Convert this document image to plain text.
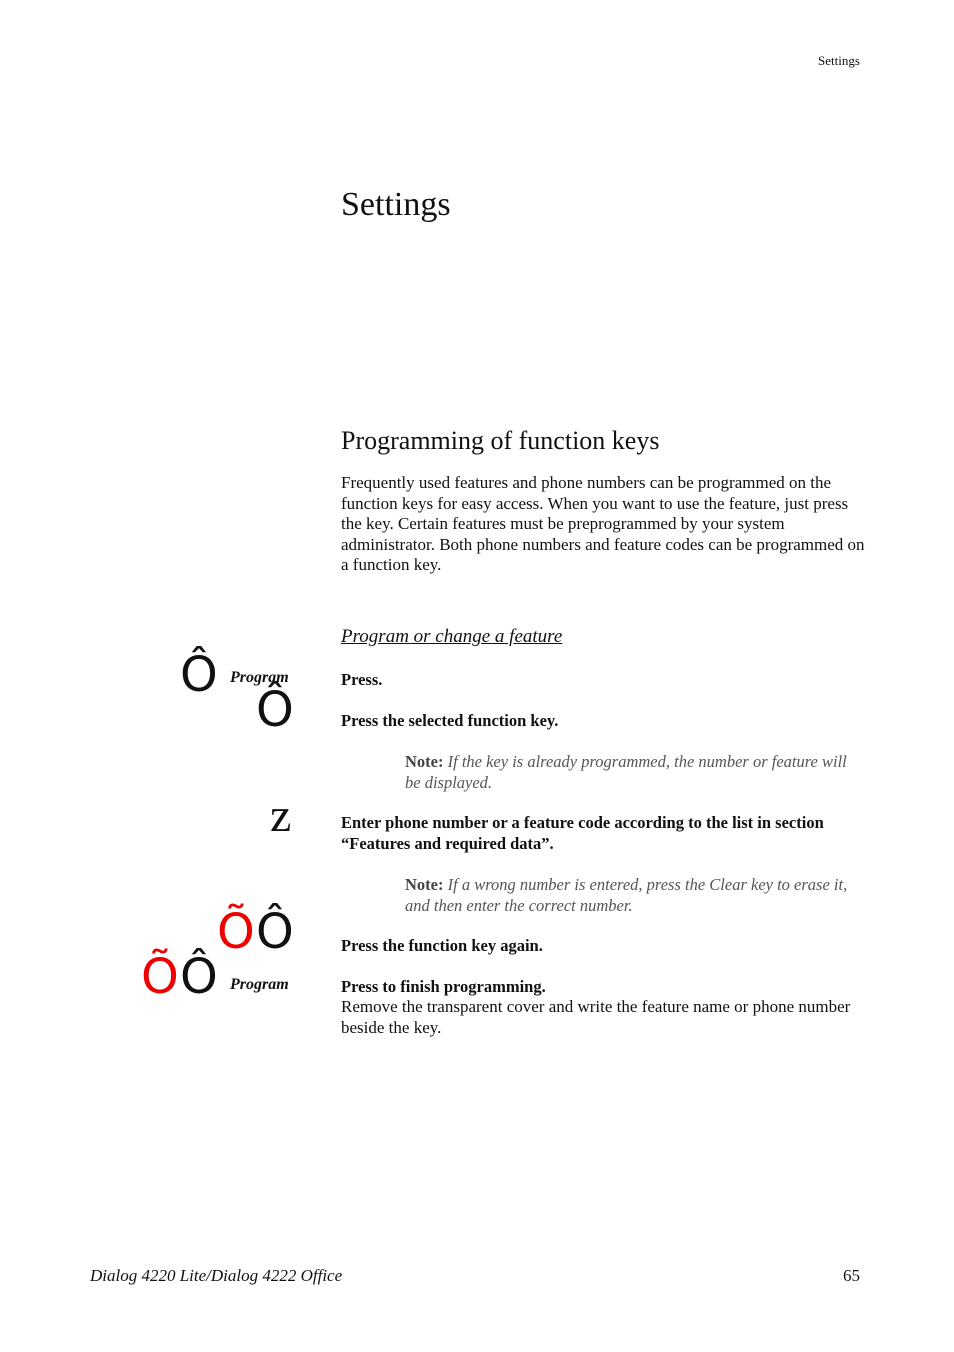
Settings
Settings
Programming of function keys

Frequently used features and phone numbers can be programmed on the function keys for easy access. When you want to use the feature, just press the key. Certain features must be preprogrammed by your system administrator. Both phone numbers and feature codes can be programmed on a function key.

Program or change a feature
Ô Program
Ô
z
Õ Ô
Õ Ô Program
Press.
Press the selected function key.
Note: If the key is already programmed, the number or feature will be displayed.
Enter phone number or a feature code according to the list in section “Features and required data”.
Note: If a wrong number is entered, press the Clear key to erase it, and then enter the correct number.
Press the function key again.
Press to finish programming.
Remove the transparent cover and write the feature name or phone number beside the key.
Dialog 4220 Lite/Dialog 4222 Office	65
